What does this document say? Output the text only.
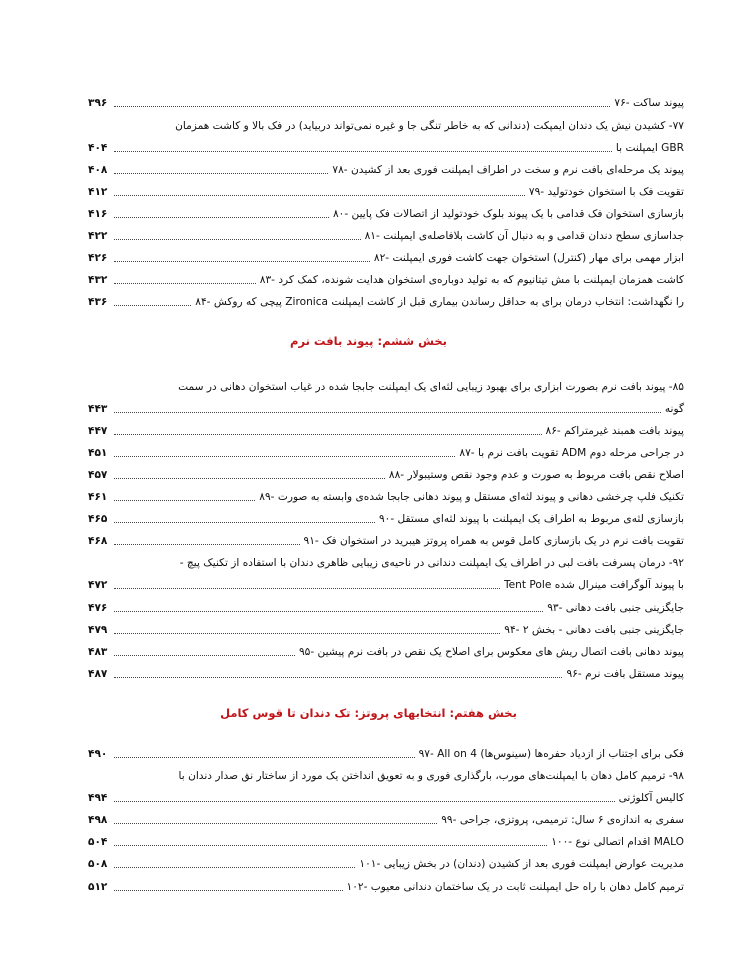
۷۶- پیوند ساکت
۳۹۶
۷۷- کشیدن نیش یک دندان ایمپکت (دندانی که به خاطر تنگی جا و غیره نمی‌تواند دربیاید) در فک بالا و کاشت همزمان
ایمپلنت با GBR
۴۰۴
۷۸- پیوند یک مرحله‌ای بافت نرم و سخت در اطراف ایمپلنت فوری بعد از کشیدن
۴۰۸
۷۹- تقویت فک با استخوان خودتولید
۴۱۲
۸۰- بازسازی استخوان فک قدامی با یک پیوند بلوک خودتولید از اتصالات فک پایین
۴۱۶
۸۱- جداسازی سطح دندان قدامی و به دنبال آن کاشت بلافاصله‌ی ایمپلنت
۴۲۲
۸۲- ابزار مهمی برای مهار (کنترل) استخوان جهت کاشت فوری ایمپلنت
۴۲۶
۸۳- کاشت همزمان ایمپلنت با مش تیتانیوم که به تولید دوباره‌ی استخوان هدایت شونده، کمک کرد
۴۳۲
۸۴- پیچی که روکش Zironica را نگهداشت: انتخاب درمان برای به حداقل رساندن بیماری قبل از کاشت ایمپلنت
۴۳۶
بخش ششم: پیوند بافت نرم
۸۵- پیوند بافت نرم بصورت ابزاری برای بهبود زیبایی لثه‌ای یک ایمپلنت جابجا شده در غیاب استخوان دهانی در سمت
گونه
۴۴۳
۸۶- پیوند بافت همبند غیرمتراکم
۴۴۷
۸۷- تقویت بافت نرم با ADM در جراحی مرحله دوم
۴۵۱
۸۸- اصلاح نقص بافت مربوط به صورت و عدم وجود نقص وستیبولار
۴۵۷
۸۹- تکنیک فلپ چرخشی دهانی و پیوند لثه‌ای مستقل و پیوند دهانی جابجا شده‌ی وابسته به صورت
۴۶۱
۹۰- بازسازی لثه‌ی مربوط به اطراف یک ایمپلنت با پیوند لثه‌ای مستقل
۴۶۵
۹۱- تقویت بافت نرم در یک بازسازی کامل قوس به همراه پروتز هیبرید در استخوان فک
۴۶۸
۹۲- درمان پسرفت بافت لبی در اطراف یک ایمپلنت دندانی در ناحیه‌ی زیبایی ظاهری دندان با استفاده از تکنیک پیچ -
Tent Pole با پیوند آلوگرافت مینرال شده
۴۷۲
۹۳- جایگزینی جنبی بافت دهانی
۴۷۶
۹۴- جایگزینی جنبی بافت دهانی - بخش ۲
۴۷۹
۹۵- پیوند دهانی بافت اتصال ریش های معکوس برای اصلاح یک نقص در بافت نرم پیشین
۴۸۳
۹۶- پیوند مستقل بافت نرم
۴۸۷
بخش هفتم: انتخابهای پروتز: تک دندان تا قوس کامل
۹۷- All on 4 فکی برای اجتناب از ازدیاد حفره‌ها (سینوس‌ها)
۴۹۰
۹۸- ترمیم کامل دهان با ایمپلنت‌های مورب، بارگذاری فوری و به تعویق انداختن یک مورد از ساختار نق صدار دندان با
کالیس آکلوژنی
۴۹۴
۹۹- سفری به اندازه‌ی ۶ سال: ترمیمی، پروتزی، جراحی
۴۹۸
۱۰۰- اقدام اتصالی نوع MALO
۵۰۴
۱۰۱- مدیریت عوارض ایمپلنت فوری بعد از کشیدن (دندان) در بخش زیبایی
۵۰۸
۱۰۲- ترمیم کامل دهان با راه حل ایمپلنت ثابت در یک ساختمان دندانی معیوب
۵۱۲
